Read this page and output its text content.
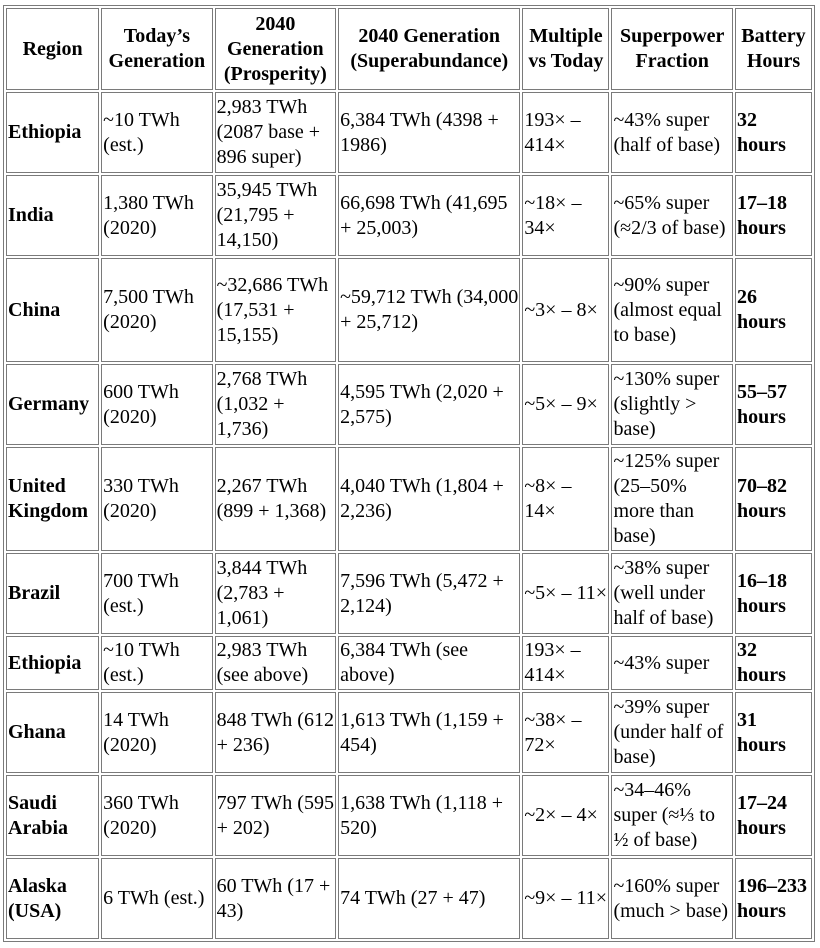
Region	Today’s Generation	2040 Generation (Prosperity)	2040 Generation (Superabundance)	Multiple vs Today	Superpower Fraction	Battery Hours
Ethiopia	~10 TWh (est.)	2,983 TWh (2087 base + 896 super)	6,384 TWh (4398 + 1986)	193× – 414×	~43% super (half of base)	32 hours
India	1,380 TWh (2020)	35,945 TWh (21,795 + 14,150)	66,698 TWh (41,695 + 25,003)	~18× – 34×	~65% super (≈2/3 of base)	17–18 hours
China	7,500 TWh (2020)	~32,686 TWh (17,531 + 15,155)	~59,712 TWh (34,000 + 25,712)	~3× – 8×	~90% super (almost equal to base)	26 hours
Germany	600 TWh (2020)	2,768 TWh (1,032 + 1,736)	4,595 TWh (2,020 + 2,575)	~5× – 9×	~130% super (slightly > base)	55–57 hours
United Kingdom	330 TWh (2020)	2,267 TWh (899 + 1,368)	4,040 TWh (1,804 + 2,236)	~8× – 14×	~125% super (25–50% more than base)	70–82 hours
Brazil	700 TWh (est.)	3,844 TWh (2,783 + 1,061)	7,596 TWh (5,472 + 2,124)	~5× – 11×	~38% super (well under half of base)	16–18 hours
Ethiopia	~10 TWh (est.)	2,983 TWh (see above)	6,384 TWh (see above)	193× – 414×	~43% super	32 hours
Ghana	14 TWh (2020)	848 TWh (612 + 236)	1,613 TWh (1,159 + 454)	~38× – 72×	~39% super (under half of base)	31 hours
Saudi Arabia	360 TWh (2020)	797 TWh (595 + 202)	1,638 TWh (1,118 + 520)	~2× – 4×	~34–46% super (≈⅓ to ½ of base)	17–24 hours
Alaska (USA)	6 TWh (est.)	60 TWh (17 + 43)	74 TWh (27 + 47)	~9× – 11×	~160% super (much > base)	196–233 hours
